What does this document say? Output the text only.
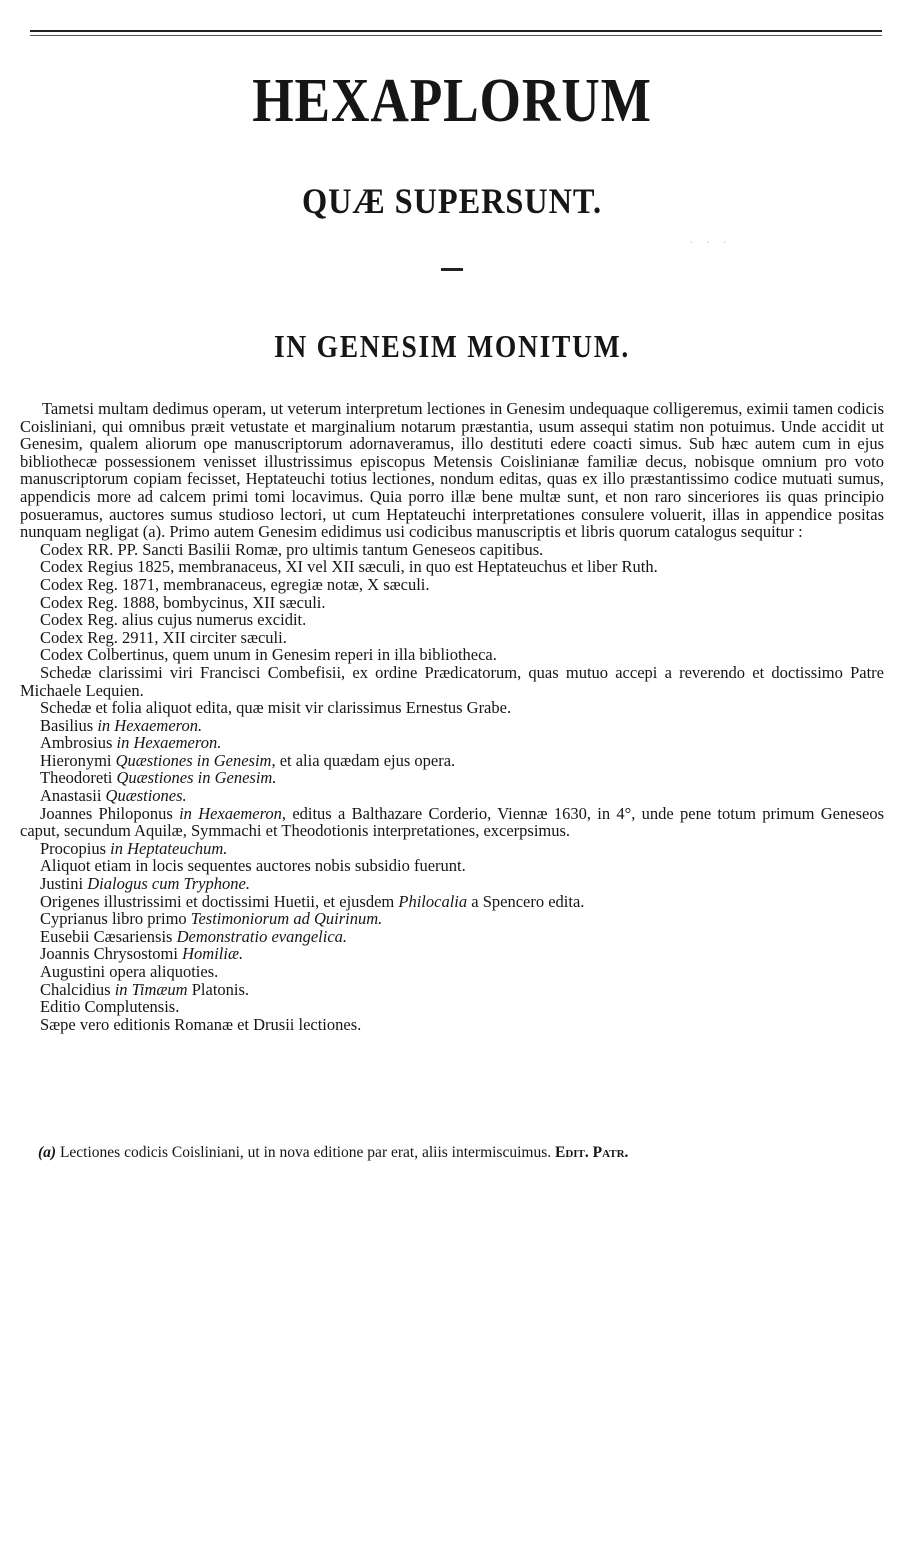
HEXAPLORUM
QUÆ SUPERSUNT.
· · ·
IN GENESIM MONITUM.

Tametsi multam dedimus operam, ut veterum interpretum lectiones in Genesim undequaque colligeremus, eximii tamen codicis Coisliniani, qui omnibus præit vetustate et marginalium notarum præstantia, usum assequi statim non potuimus. Unde accidit ut Genesim, qualem aliorum ope manuscriptorum adornaveramus, illo destituti edere coacti simus. Sub hæc autem cum in ejus bibliothecæ possessionem venisset illustrissimus episcopus Metensis Coislinianæ familiæ decus, nobisque omnium pro voto manuscriptorum copiam fecisset, Heptateuchi totius lectiones, nondum editas, quas ex illo præstantissimo codice mutuati sumus, appendicis more ad calcem primi tomi locavimus. Quia porro illæ bene multæ sunt, et non raro sinceriores iis quas principio posueramus, auctores sumus studioso lectori, ut cum Heptateuchi interpretationes consulere voluerit, illas in appendice positas nunquam negligat (a). Primo autem Genesim edidimus usi codicibus manuscriptis et libris quorum catalogus sequitur :

Codex RR. PP. Sancti Basilii Romæ, pro ultimis tantum Geneseos capitibus.
Codex Regius 1825, membranaceus, XI vel XII sæculi, in quo est Heptateuchus et liber Ruth.
Codex Reg. 1871, membranaceus, egregiæ notæ, X sæculi.
Codex Reg. 1888, bombycinus, XII sæculi.
Codex Reg. alius cujus numerus excidit.
Codex Reg. 2911, XII circiter sæculi.
Codex Colbertinus, quem unum in Genesim reperi in illa bibliotheca.
Schedæ clarissimi viri Francisci Combefisii, ex ordine Prædicatorum, quas mutuo accepi a reverendo et doctissimo Patre Michaele Lequien.
Schedæ et folia aliquot edita, quæ misit vir clarissimus Ernestus Grabe.
Basilius in Hexaemeron.
Ambrosius in Hexaemeron.
Hieronymi Quæstiones in Genesim, et alia quædam ejus opera.
Theodoreti Quæstiones in Genesim.
Anastasii Quæstiones.
Joannes Philoponus in Hexaemeron, editus a Balthazare Corderio, Viennæ 1630, in 4°, unde pene totum primum Geneseos caput, secundum Aquilæ, Symmachi et Theodotionis interpretationes, excerpsimus.
Procopius in Heptateuchum.
Aliquot etiam in locis sequentes auctores nobis subsidio fuerunt.
Justini Dialogus cum Tryphone.
Origenes illustrissimi et doctissimi Huetii, et ejusdem Philocalia a Spencero edita.
Cyprianus libro primo Testimoniorum ad Quirinum.
Eusebii Cæsariensis Demonstratio evangelica.
Joannis Chrysostomi Homiliæ.
Augustini opera aliquoties.
Chalcidius in Timæum Platonis.
Editio Complutensis.
Sæpe vero editionis Romanæ et Drusii lectiones.
(a) Lectiones codicis Coisliniani, ut in nova editione par erat, aliis intermiscuimus. Edit. Patr.
